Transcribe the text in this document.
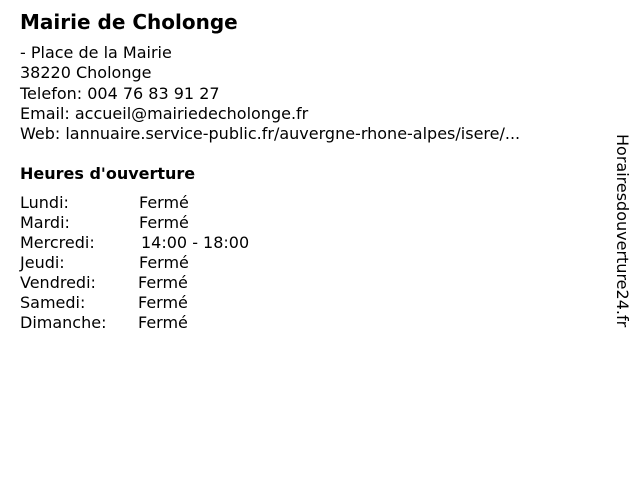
Mairie de Cholonge
- Place de la Mairie
38220 Cholonge
Telefon: 004 76 83 91 27
Email: accueil@mairiedecholonge.fr
Web: lannuaire.service-public.fr/auvergne-rhone-alpes/isere/...
Heures d'ouverture
Lundi:	Fermé
Mardi:	Fermé
Mercredi:	14:00 - 18:00
Jeudi:	Fermé
Vendredi:	Fermé
Samedi:	Fermé
Dimanche: Fermé	Horairesdouverture24.fr
